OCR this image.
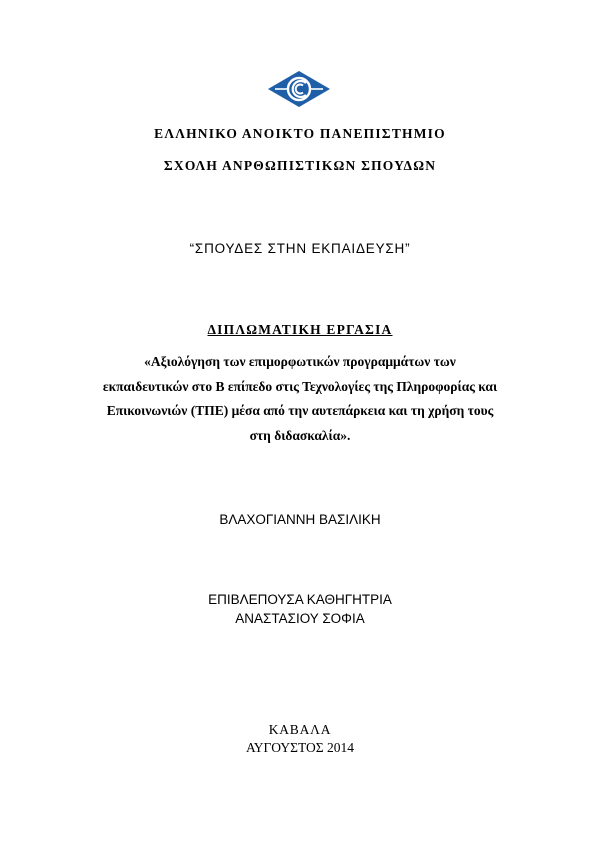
ΕΛΛΗΝΙΚΟ ΑΝΟΙΚΤΟ ΠΑΝΕΠΙΣΤΗΜΙΟ
ΣΧΟΛΗ ΑΝΡΘΩΠΙΣΤΙΚΩΝ ΣΠΟΥΔΩΝ
“ΣΠΟΥΔΕΣ ΣΤΗΝ ΕΚΠΑΙΔΕΥΣΗ”
ΔΙΠΛΩΜΑΤΙΚΗ ΕΡΓΑΣΙΑ
«Αξιολόγηση των επιμορφωτικών προγραμμάτων των
εκπαιδευτικών στο Β επίπεδο στις Τεχνολογίες της Πληροφορίας και
Επικοινωνιών (ΤΠΕ) μέσα από την αυτεπάρκεια και τη χρήση τους
στη διδασκαλία».
ΒΛΑΧΟΓΙΑΝΝΗ ΒΑΣΙΛΙΚΗ
ΕΠΙΒΛΕΠΟΥΣΑ ΚΑΘΗΓΗΤΡΙΑ
ΑΝΑΣΤΑΣΙΟΥ ΣΟΦΙΑ
ΚΑΒΑΛΑ
ΑΥΓΟΥΣΤΟΣ 2014
